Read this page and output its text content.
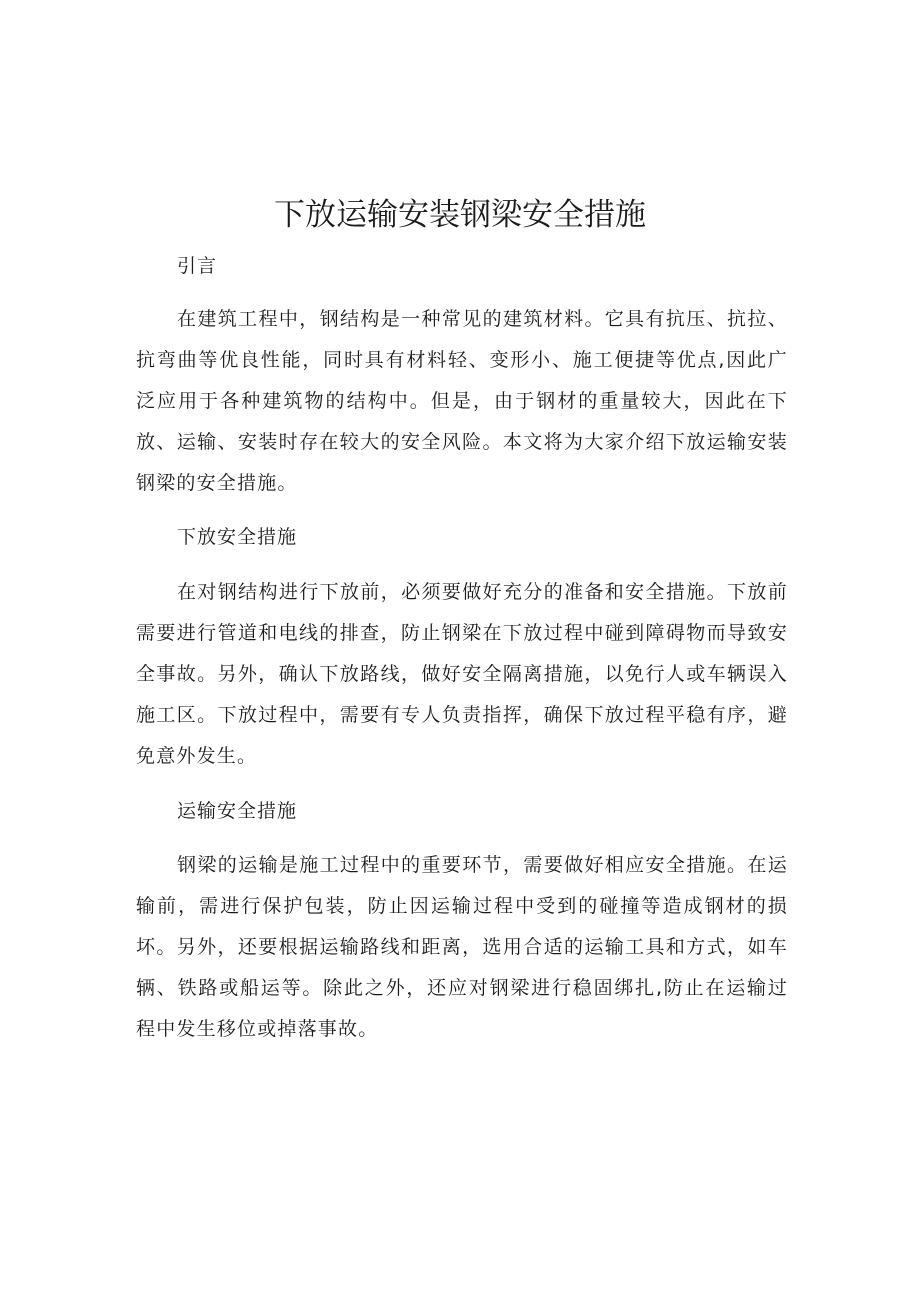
下放运输安装钢梁安全措施

引言

在建筑工程中，钢结构是一种常见的建筑材料。它具有抗压、抗拉、抗弯曲等优良性能，同时具有材料轻、变形小、施工便捷等优点,因此广泛应用于各种建筑物的结构中。但是，由于钢材的重量较大，因此在下放、运输、安装时存在较大的安全风险。本文将为大家介绍下放运输安装钢梁的安全措施。

下放安全措施

在对钢结构进行下放前，必须要做好充分的准备和安全措施。下放前需要进行管道和电线的排查，防止钢梁在下放过程中碰到障碍物而导致安全事故。另外，确认下放路线，做好安全隔离措施，以免行人或车辆误入施工区。下放过程中，需要有专人负责指挥，确保下放过程平稳有序，避免意外发生。

运输安全措施

钢梁的运输是施工过程中的重要环节，需要做好相应安全措施。在运输前，需进行保护包装，防止因运输过程中受到的碰撞等造成钢材的损坏。另外，还要根据运输路线和距离，选用合适的运输工具和方式，如车辆、铁路或船运等。除此之外，还应对钢梁进行稳固绑扎,防止在运输过程中发生移位或掉落事故。
